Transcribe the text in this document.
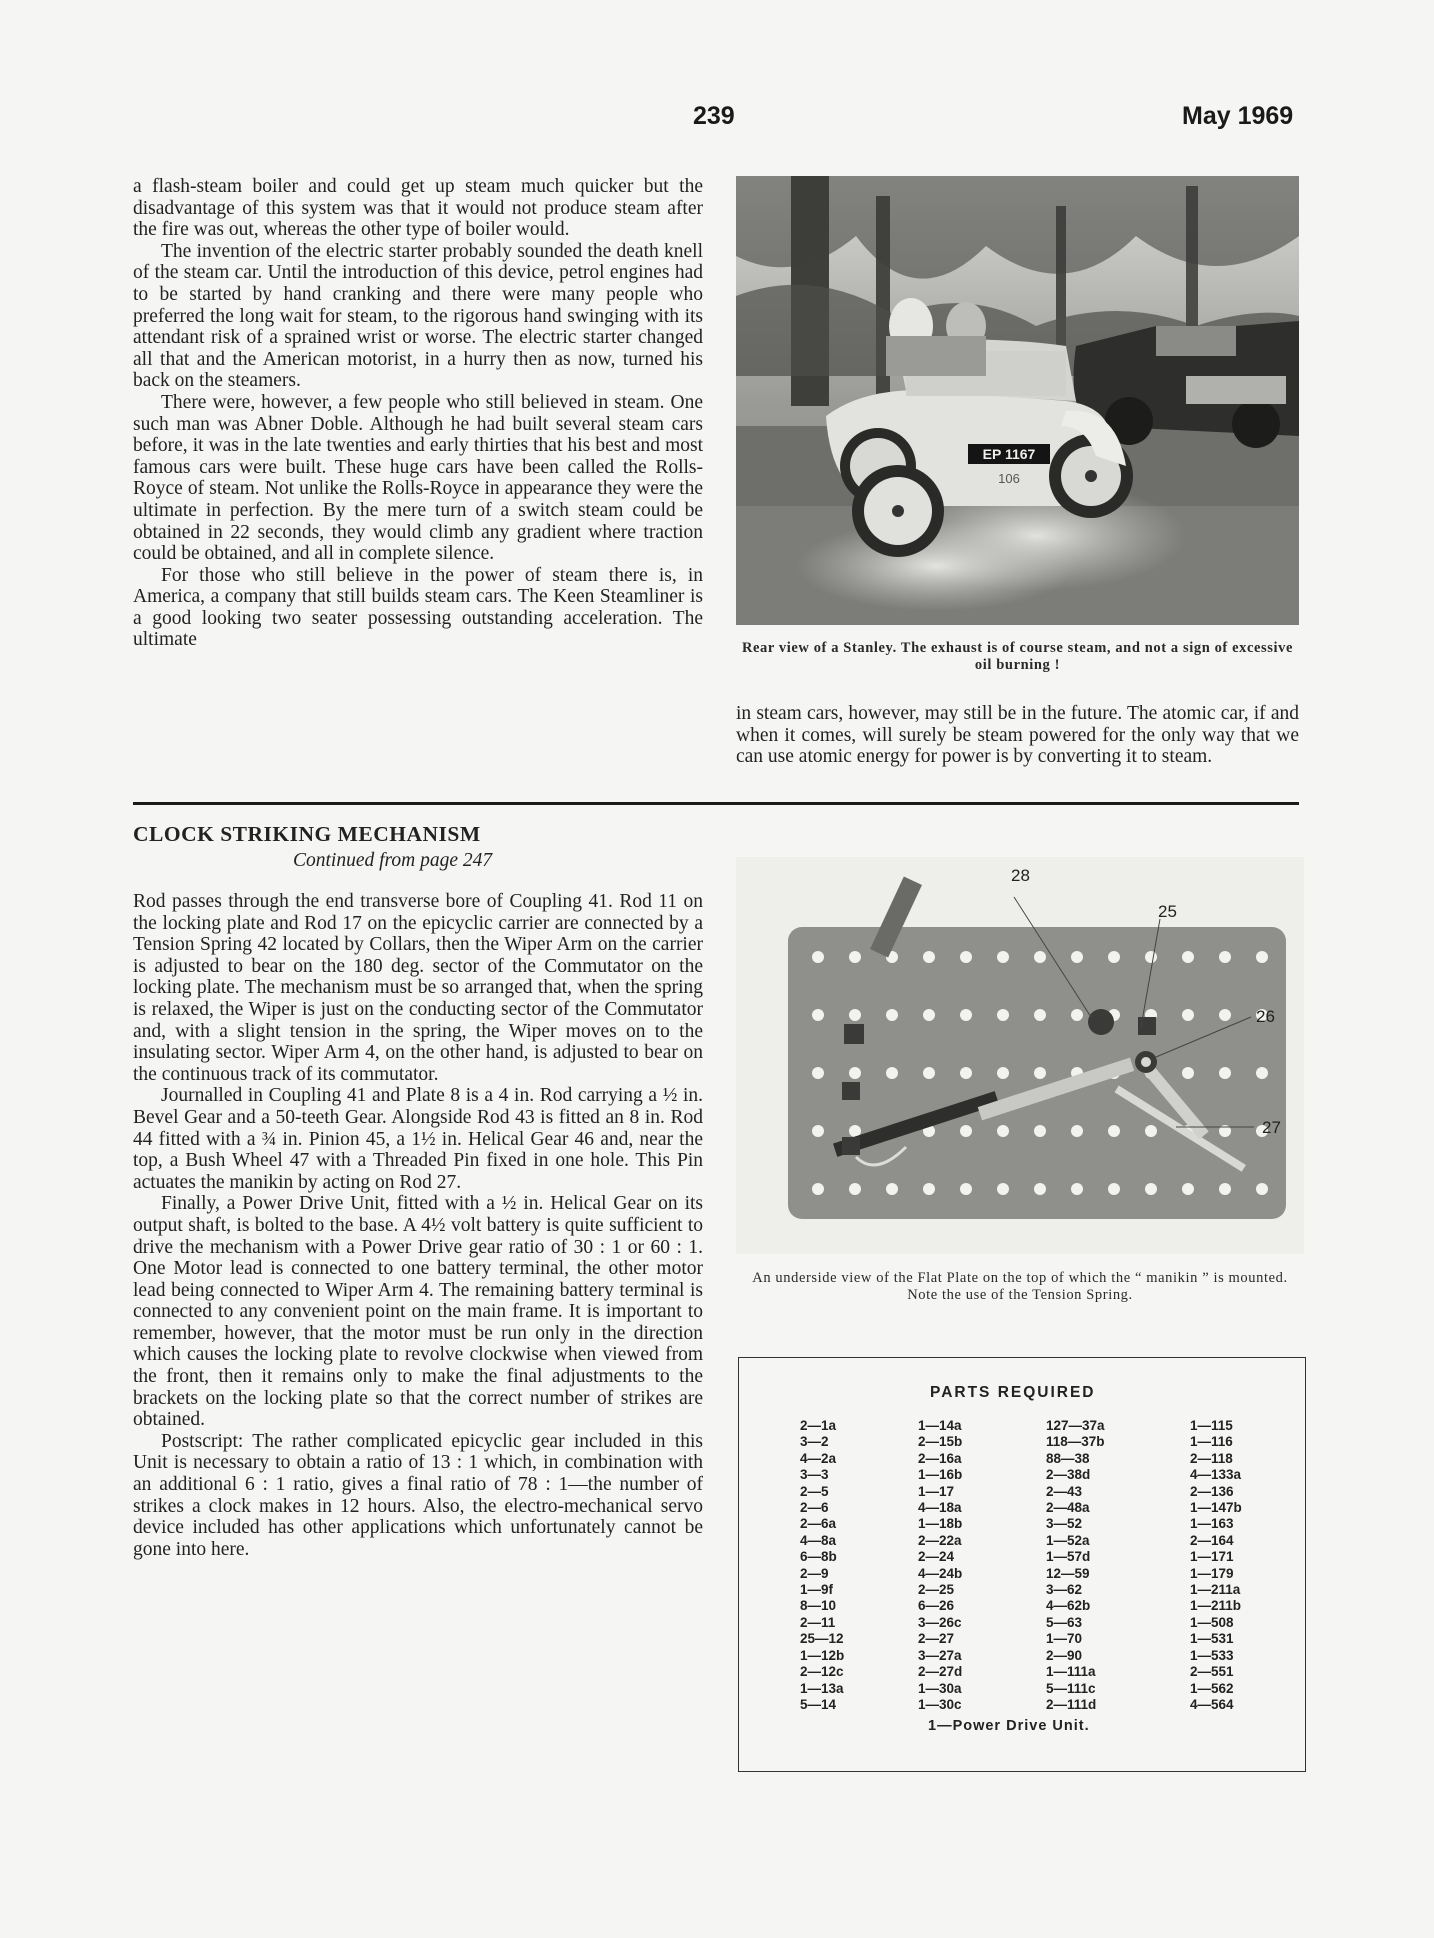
239	May 1969

a flash-steam boiler and could get up steam much quicker but the disadvantage of this system was that it would not produce steam after the fire was out, whereas the other type of boiler would.

The invention of the electric starter probably sounded the death knell of the steam car. Until the introduction of this device, petrol engines had to be started by hand cranking and there were many people who preferred the long wait for steam, to the rigorous hand swinging with its attendant risk of a sprained wrist or worse. The electric starter changed all that and the American motorist, in a hurry then as now, turned his back on the steamers.

There were, however, a few people who still believed in steam. One such man was Abner Doble. Although he had built several steam cars before, it was in the late twenties and early thirties that his best and most famous cars were built. These huge cars have been called the Rolls-Royce of steam. Not unlike the Rolls-Royce in appearance they were the ultimate in perfection. By the mere turn of a switch steam could be obtained in 22 seconds, they would climb any gradient where traction could be obtained, and all in complete silence.

For those who still believe in the power of steam there is, in America, a company that still builds steam cars. The Keen Steamliner is a good looking two seater possessing outstanding acceleration. The ultimate

EP 1167
106
Rear view of a Stanley. The exhaust is of course steam, and not a sign of excessive oil burning !

in steam cars, however, may still be in the future. The atomic car, if and when it comes, will surely be steam powered for the only way that we can use atomic energy for power is by converting it to steam.

CLOCK STRIKING MECHANISM
Continued from page 247

Rod passes through the end transverse bore of Coupling 41. Rod 11 on the locking plate and Rod 17 on the epicyclic carrier are connected by a Tension Spring 42 located by Collars, then the Wiper Arm on the carrier is adjusted to bear on the 180 deg. sector of the Commutator on the locking plate. The mechanism must be so arranged that, when the spring is relaxed, the Wiper is just on the conducting sector of the Commutator and, with a slight tension in the spring, the Wiper moves on to the insulating sector. Wiper Arm 4, on the other hand, is adjusted to bear on the continuous track of its commutator.

Journalled in Coupling 41 and Plate 8 is a 4 in. Rod carrying a ½ in. Bevel Gear and a 50-teeth Gear. Alongside Rod 43 is fitted an 8 in. Rod 44 fitted with a ¾ in. Pinion 45, a 1½ in. Helical Gear 46 and, near the top, a Bush Wheel 47 with a Threaded Pin fixed in one hole. This Pin actuates the manikin by acting on Rod 27.

Finally, a Power Drive Unit, fitted with a ½ in. Helical Gear on its output shaft, is bolted to the base. A 4½ volt battery is quite sufficient to drive the mechanism with a Power Drive gear ratio of 30 : 1 or 60 : 1. One Motor lead is connected to one battery terminal, the other motor lead being connected to Wiper Arm 4. The remaining battery terminal is connected to any convenient point on the main frame. It is important to remember, however, that the motor must be run only in the direction which causes the locking plate to revolve clockwise when viewed from the front, then it remains only to make the final adjustments to the brackets on the locking plate so that the correct number of strikes are obtained.

Postscript: The rather complicated epicyclic gear included in this Unit is necessary to obtain a ratio of 13 : 1 which, in combination with an additional 6 : 1 ratio, gives a final ratio of 78 : 1—the number of strikes a clock makes in 12 hours. Also, the electro-mechanical servo device included has other applications which unfortunately cannot be gone into here.

28
25
26
27
An underside view of the Flat Plate on the top of which the “ manikin ” is mounted. Note the use of the Tension Spring.
PARTS REQUIRED
2—1a
3—2
4—2a
3—3
2—5
2—6
2—6a
4—8a
6—8b
2—9
1—9f
8—10
2—11
25—12
1—12b
2—12c
1—13a
5—14
1—14a
2—15b
2—16a
1—16b
1—17
4—18a
1—18b
2—22a
2—24
4—24b
2—25
6—26
3—26c
2—27
3—27a
2—27d
1—30a
1—30c
127—37a
118—37b
88—38
2—38d
2—43
2—48a
3—52
1—52a
1—57d
12—59
3—62
4—62b
5—63
1—70
2—90
1—111a
5—111c
2—111d
1—115
1—116
2—118
4—133a
2—136
1—147b
1—163
2—164
1—171
1—179
1—211a
1—211b
1—508
1—531
1—533
2—551
1—562
4—564
1—Power Drive Unit.
